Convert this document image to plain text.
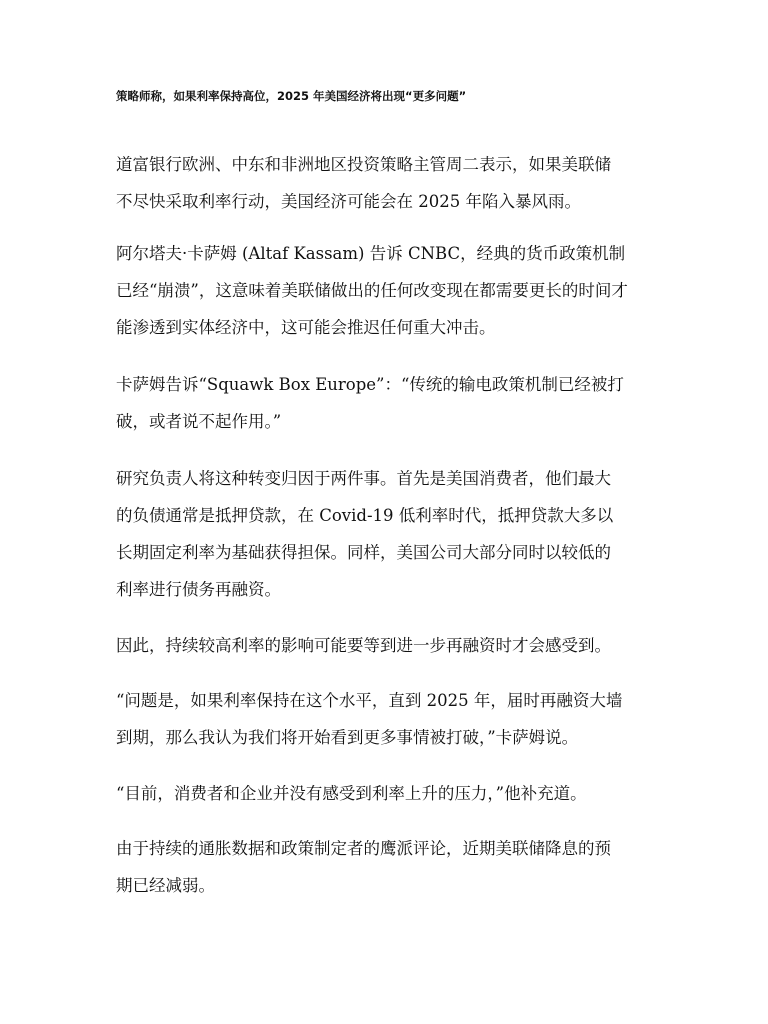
策略师称，如果利率保持高位，2025 年美国经济将出现“更多问题”

道富银行欧洲、中东和非洲地区投资策略主管周二表示，如果美联储
不尽快采取利率行动，美国经济可能会在 2025 年陷入暴风雨。

阿尔塔夫·卡萨姆 (Altaf Kassam) 告诉 CNBC，经典的货币政策机制
已经“崩溃”，这意味着美联储做出的任何改变现在都需要更长的时间才
能渗透到实体经济中，这可能会推迟任何重大冲击。

卡萨姆告诉“Squawk Box Europe”：“传统的输电政策机制已经被打
破，或者说不起作用。”

研究负责人将这种转变归因于两件事。首先是美国消费者，他们最大
的负债通常是抵押贷款，在 Covid-19 低利率时代，抵押贷款大多以
长期固定利率为基础获得担保。同样，美国公司大部分同时以较低的
利率进行债务再融资。

因此，持续较高利率的影响可能要等到进一步再融资时才会感受到。

“问题是，如果利率保持在这个水平，直到 2025 年，届时再融资大墙
到期，那么我认为我们将开始看到更多事情被打破，”卡萨姆说。

“目前，消费者和企业并没有感受到利率上升的压力，”他补充道。

由于持续的通胀数据和政策制定者的鹰派评论，近期美联储降息的预
期已经减弱。
